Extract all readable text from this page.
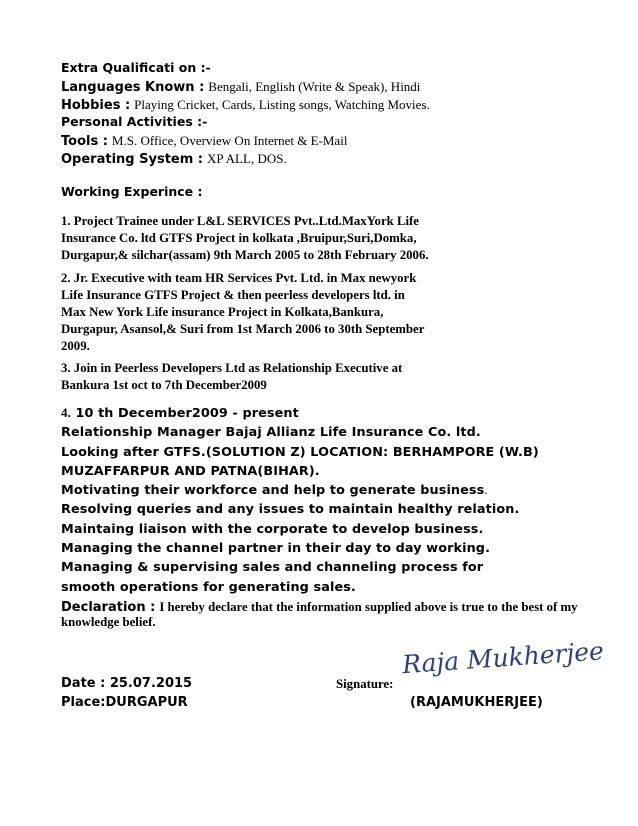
Extra Qualificati on :-
Languages Known : Bengali, English (Write & Speak), Hindi
Hobbies : Playing Cricket, Cards, Listing songs, Watching Movies.
Personal Activities :-
Tools : M.S. Office, Overview On Internet & E-Mail
Operating System : XP ALL, DOS.
Working Experince :
1. Project Trainee under L&L SERVICES Pvt..Ltd.MaxYork Life
Insurance Co. ltd GTFS Project in kolkata ,Bruipur,Suri,Domka,
Durgapur,& silchar(assam) 9th March 2005 to 28th February 2006.
2. Jr. Executive with team HR Services Pvt. Ltd. in Max newyork
Life Insurance GTFS Project & then peerless developers ltd. in
Max New York Life insurance Project in Kolkata,Bankura,
Durgapur, Asansol,& Suri from 1st March 2006 to 30th September
2009.
3. Join in Peerless Developers Ltd as Relationship Executive at
Bankura 1st oct to 7th December2009
4. 10 th December2009 - present
Relationship Manager Bajaj Allianz Life Insurance Co. ltd.
Looking after GTFS.(SOLUTION Z) LOCATION: BERHAMPORE (W.B)
MUZAFFARPUR AND PATNA(BIHAR).
Motivating their workforce and help to generate business.
Resolving queries and any issues to maintain healthy relation.
Maintaing liaison with the corporate to develop business.
Managing the channel partner in their day to day working.
Managing & supervising sales and channeling process for
smooth operations for generating sales.
Declaration : I hereby declare that the information supplied above is true to the best of my
knowledge belief.
Raja Mukherjee
Date : 25.07.2015	Signature:
Place:DURGAPUR	(RAJAMUKHERJEE)
